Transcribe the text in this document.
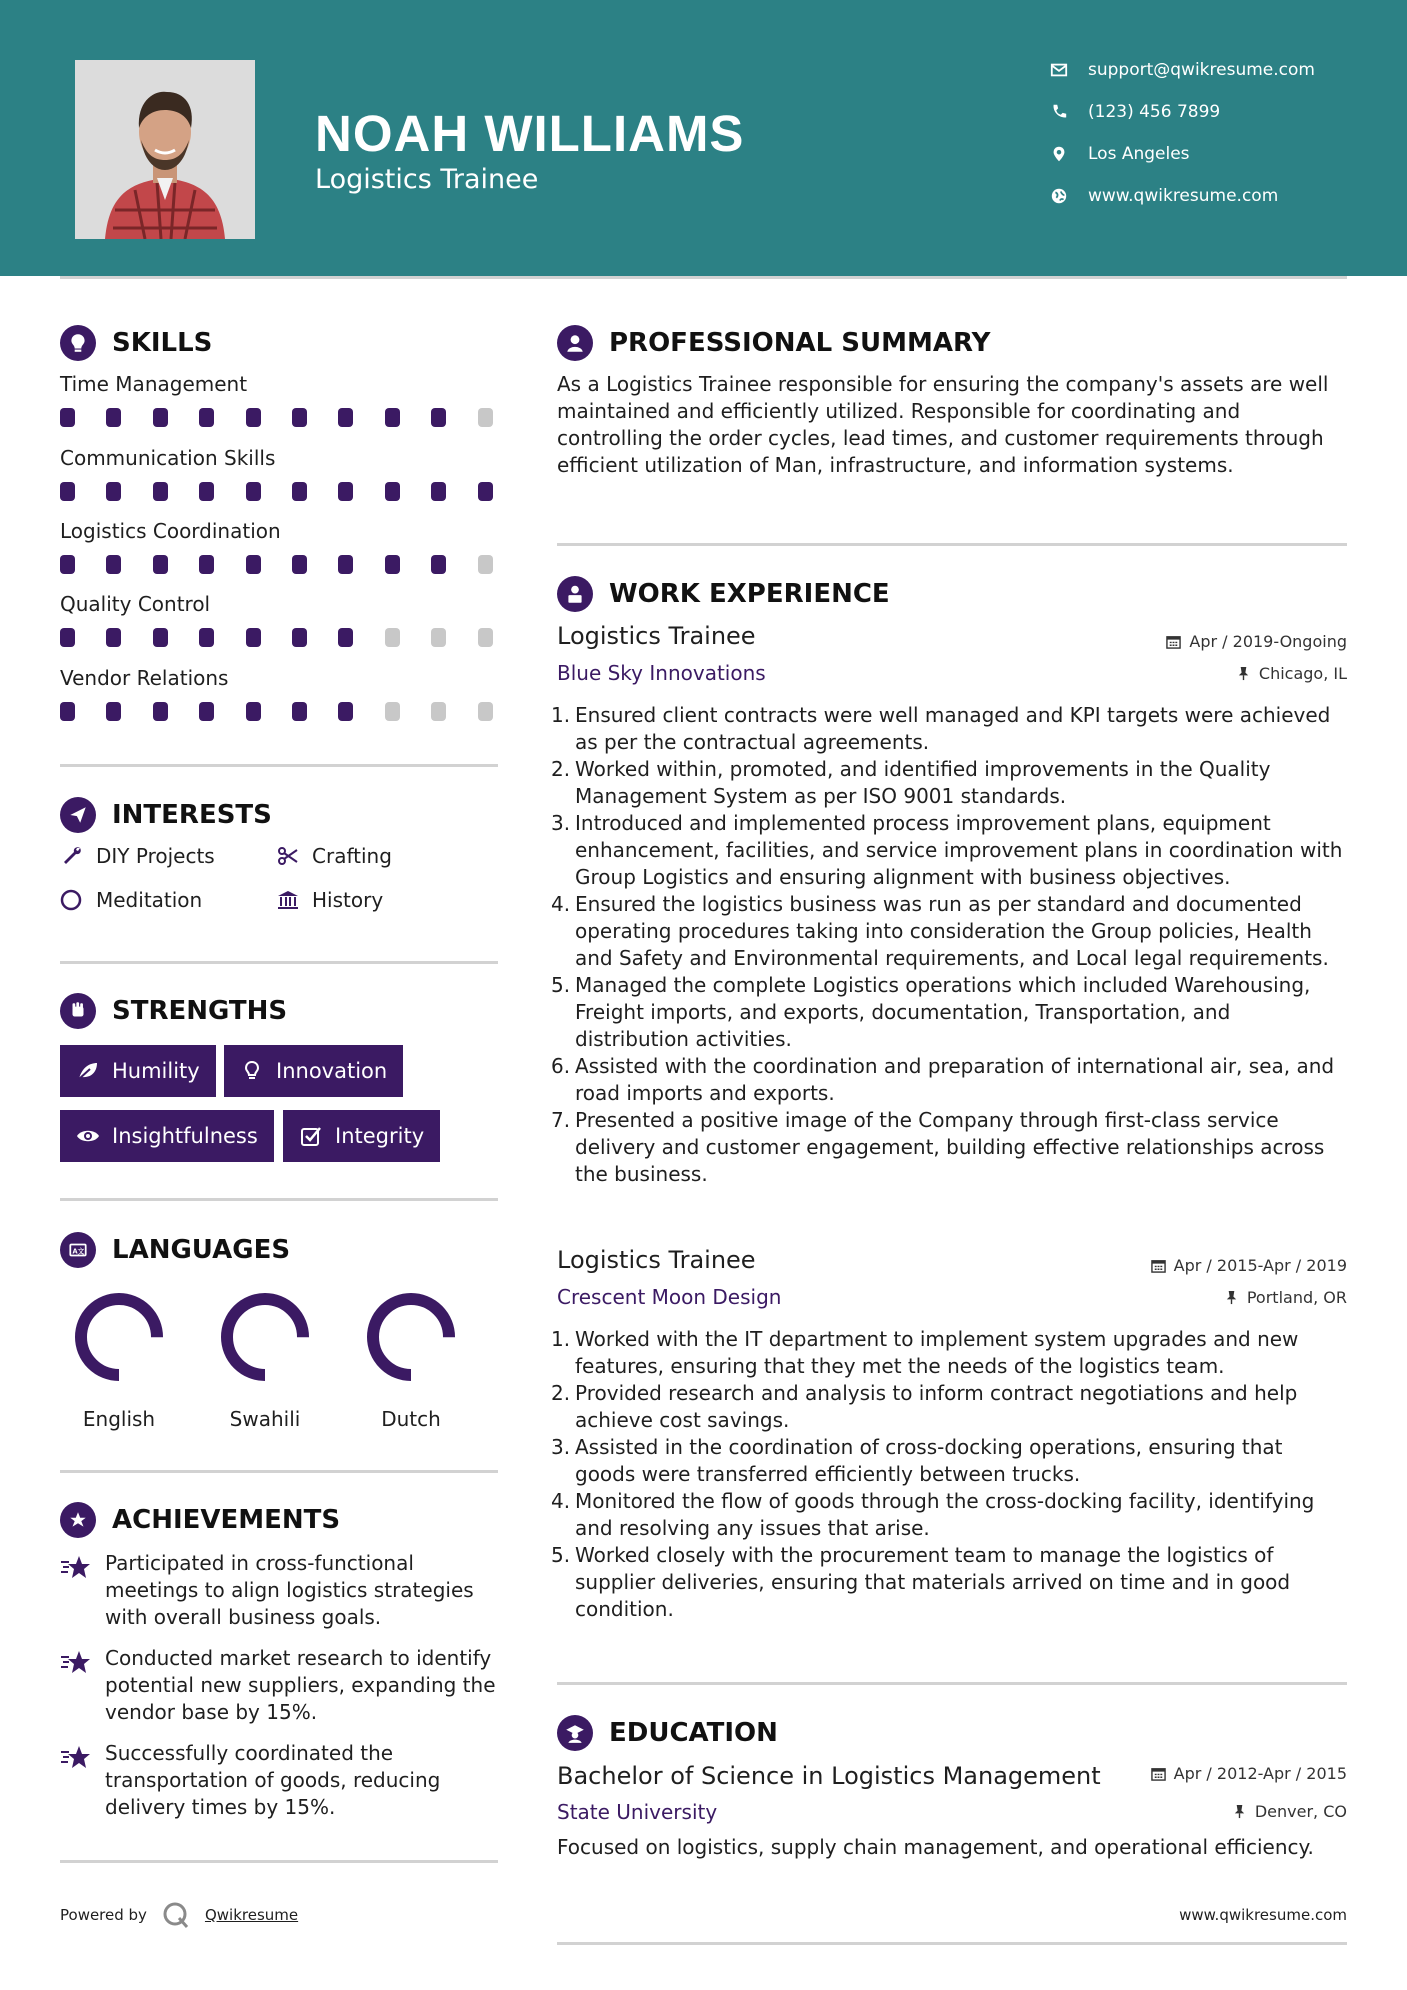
NOAH WILLIAMS
Logistics Trainee
support@qwikresume.com
(123) 456 7899
Los Angeles
www.qwikresume.com
SKILLS
Time Management
Communication Skills
Logistics Coordination
Quality Control
Vendor Relations
INTERESTS
DIY Projects	Crafting
Meditation	History
STRENGTHS
Humility	Innovation
Insightfulness	Integrity
A文 LANGUAGES
English	Swahili	Dutch
ACHIEVEMENTS

Participated in cross-functional meetings to align logistics strategies with overall business goals.

Conducted market research to identify potential new suppliers, expanding the vendor base by 15%.

Successfully coordinated the transportation of goods, reducing delivery times by 15%.

Powered by	Qwikresume
PROFESSIONAL SUMMARY

As a Logistics Trainee responsible for ensuring the company's assets are well maintained and efficiently utilized. Responsible for coordinating and controlling the order cycles, lead times, and customer requirements through efficient utilization of Man, infrastructure, and information systems.

WORK EXPERIENCE
Logistics Trainee	Apr / 2019-Ongoing
Blue Sky Innovations	Chicago, IL
1. Ensured client contracts were well managed and KPI targets were achieved as per the contractual agreements.
2. Worked within, promoted, and identified improvements in the Quality Management System as per ISO 9001 standards.
3. Introduced and implemented process improvement plans, equipment enhancement, facilities, and service improvement plans in coordination with Group Logistics and ensuring alignment with business objectives.
4. Ensured the logistics business was run as per standard and documented operating procedures taking into consideration the Group policies, Health and Safety and Environmental requirements, and Local legal requirements.
5. Managed the complete Logistics operations which included Warehousing, Freight imports, and exports, documentation, Transportation, and distribution activities.
6. Assisted with the coordination and preparation of international air, sea, and road imports and exports.
7. Presented a positive image of the Company through first-class service delivery and customer engagement, building effective relationships across the business.
Logistics Trainee	Apr / 2015-Apr / 2019
Crescent Moon Design	Portland, OR
1. Worked with the IT department to implement system upgrades and new features, ensuring that they met the needs of the logistics team.
2. Provided research and analysis to inform contract negotiations and help achieve cost savings.
3. Assisted in the coordination of cross-docking operations, ensuring that goods were transferred efficiently between trucks.
4. Monitored the flow of goods through the cross-docking facility, identifying and resolving any issues that arise.
5. Worked closely with the procurement team to manage the logistics of supplier deliveries, ensuring that materials arrived on time and in good condition.
EDUCATION
Bachelor of Science in Logistics Management	Apr / 2012-Apr / 2015
State University	Denver, CO

Focused on logistics, supply chain management, and operational efficiency.

www.qwikresume.com
